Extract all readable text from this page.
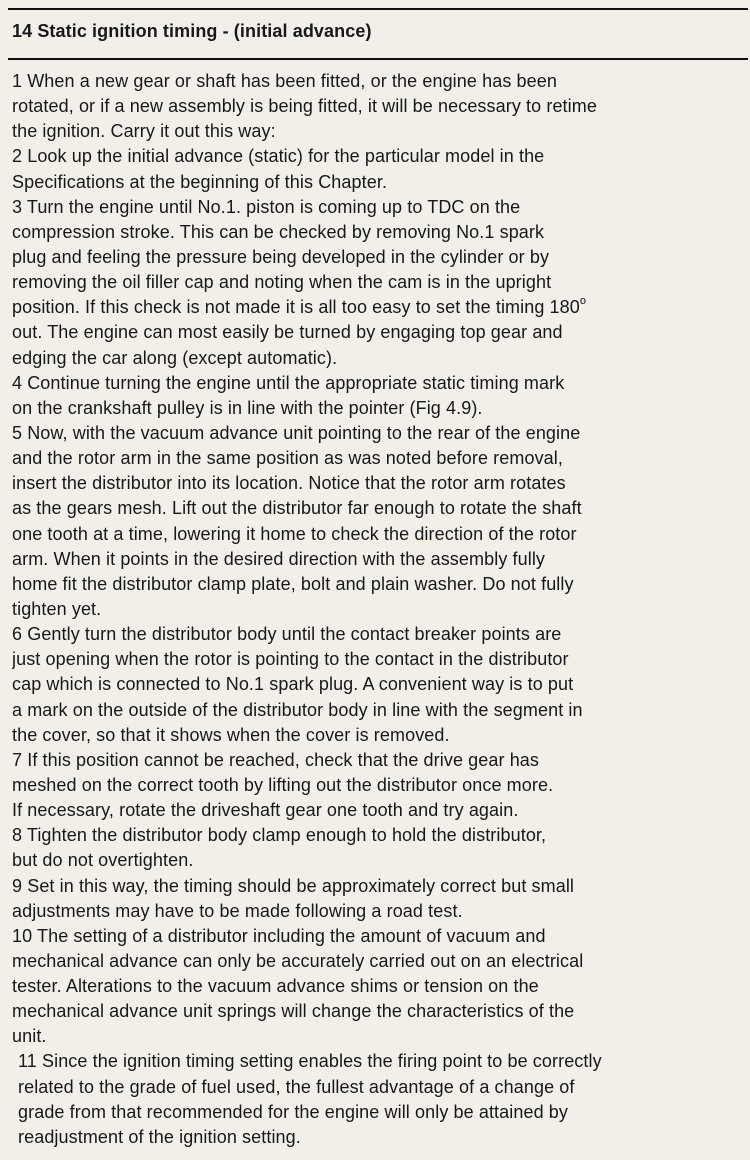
14 Static ignition timing - (initial advance)
1 When a new gear or shaft has been fitted, or the engine has been
rotated, or if a new assembly is being fitted, it will be necessary to retime
the ignition. Carry it out this way:
2 Look up the initial advance (static) for the particular model in the
Specifications at the beginning of this Chapter.
3 Turn the engine until No.1. piston is coming up to TDC on the
compression stroke. This can be checked by removing No.1 spark
plug and feeling the pressure being developed in the cylinder or by
removing the oil filler cap and noting when the cam is in the upright
position. If this check is not made it is all too easy to set the timing 180$^o$
out. The engine can most easily be turned by engaging top gear and
edging the car along (except automatic).
4 Continue turning the engine until the appropriate static timing mark
on the crankshaft pulley is in line with the pointer (Fig 4.9).
5 Now, with the vacuum advance unit pointing to the rear of the engine
and the rotor arm in the same position as was noted before removal,
insert the distributor into its location. Notice that the rotor arm rotates
as the gears mesh. Lift out the distributor far enough to rotate the shaft
one tooth at a time, lowering it home to check the direction of the rotor
arm. When it points in the desired direction with the assembly fully
home fit the distributor clamp plate, bolt and plain washer. Do not fully
tighten yet.
6 Gently turn the distributor body until the contact breaker points are
just opening when the rotor is pointing to the contact in the distributor
cap which is connected to No.1 spark plug. A convenient way is to put
a mark on the outside of the distributor body in line with the segment in
the cover, so that it shows when the cover is removed.
7 If this position cannot be reached, check that the drive gear has
meshed on the correct tooth by lifting out the distributor once more.
If necessary, rotate the driveshaft gear one tooth and try again.
8 Tighten the distributor body clamp enough to hold the distributor,
but do not overtighten.
9 Set in this way, the timing should be approximately correct but small
adjustments may have to be made following a road test.
10 The setting of a distributor including the amount of vacuum and
mechanical advance can only be accurately carried out on an electrical
tester. Alterations to the vacuum advance shims or tension on the
mechanical advance unit springs will change the characteristics of the
unit.
11 Since the ignition timing setting enables the firing point to be correctly
related to the grade of fuel used, the fullest advantage of a change of
grade from that recommended for the engine will only be attained by
readjustment of the ignition setting.
